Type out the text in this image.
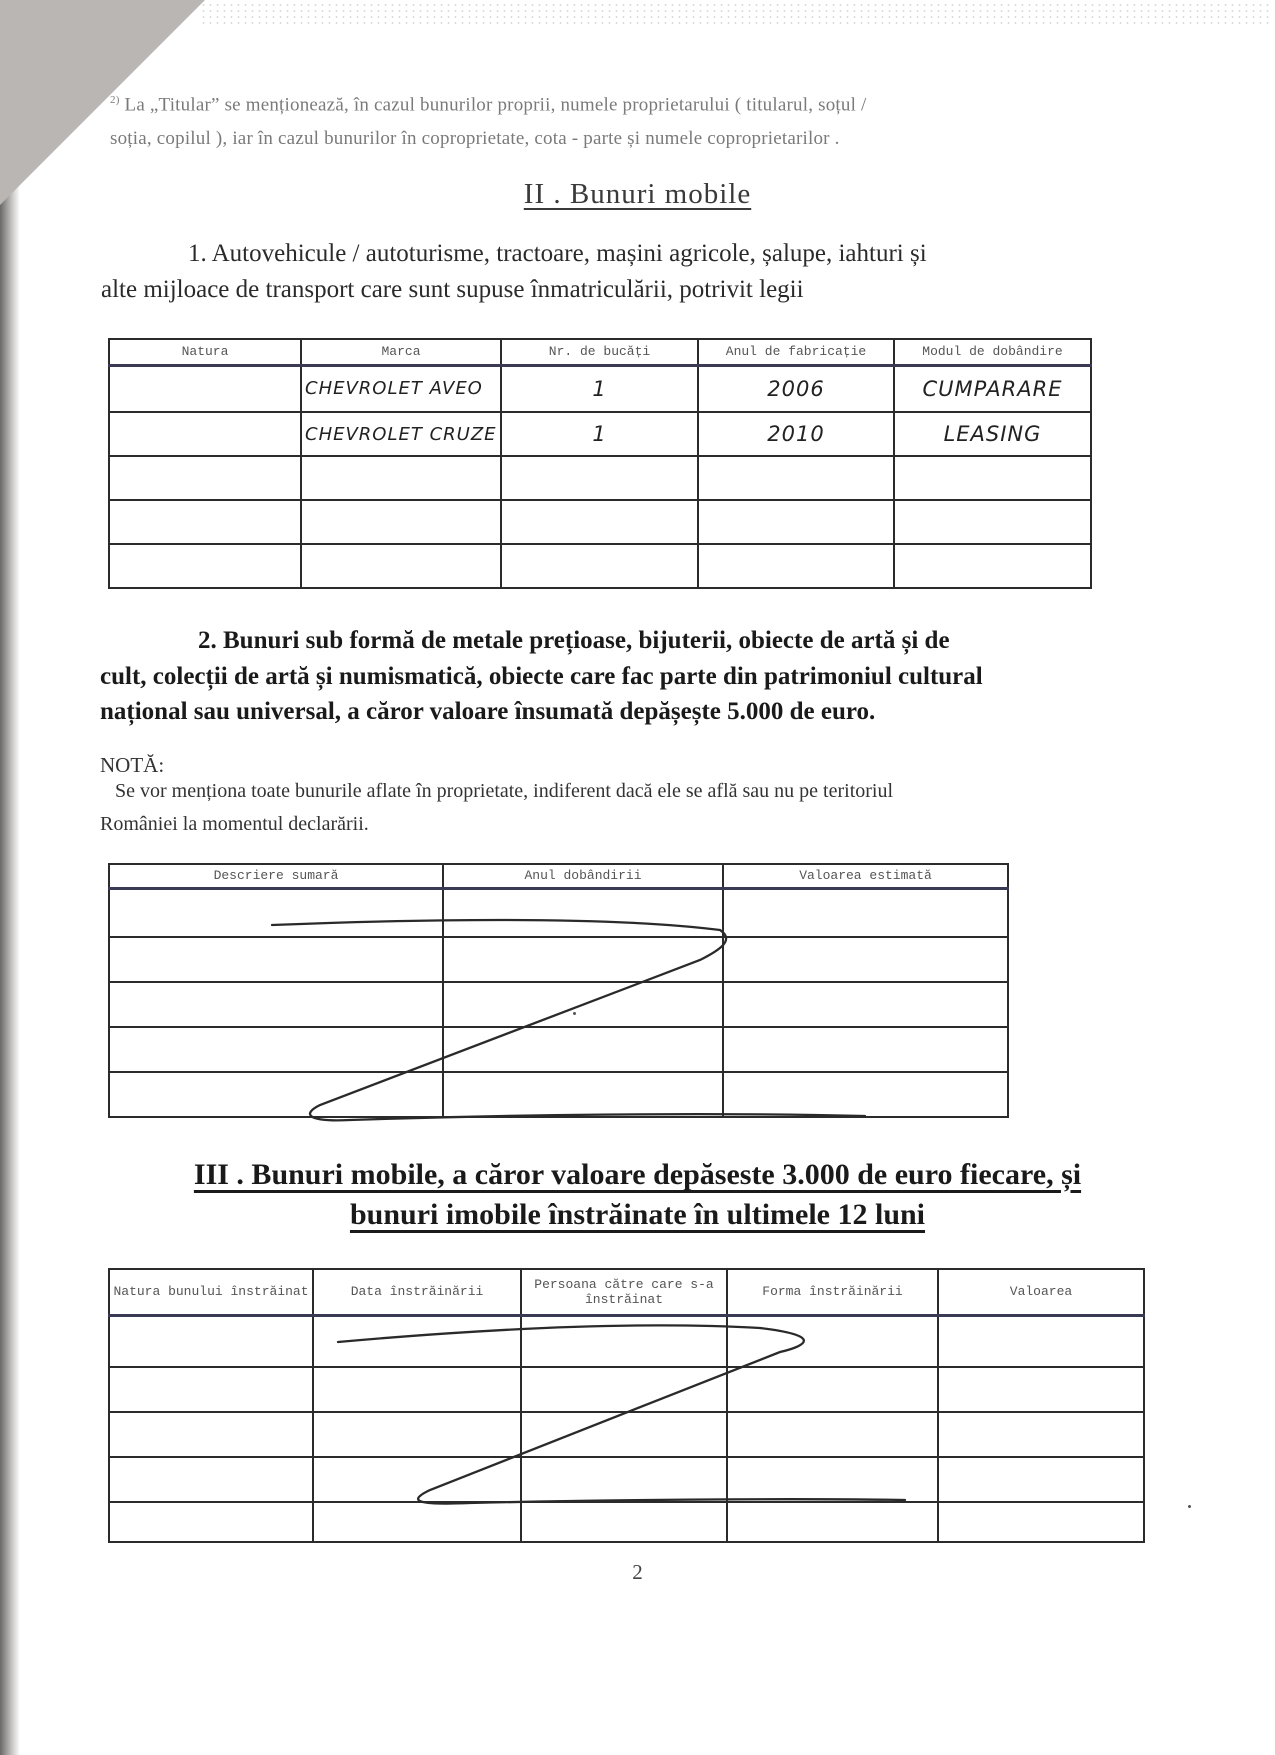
$^{2)}$ La „Titular” se menționează, în cazul bunurilor proprii, numele proprietarului ( titularul, soțul /
soția, copilul ), iar în cazul bunurilor în coproprietate, cota - parte și numele coproprietarilor .
II . Bunuri mobile
1. Autovehicule / autoturisme, tractoare, mașini agricole, șalupe, iahturi și
alte mijloace de transport care sunt supuse înmatriculării, potrivit legii
Natura	Marca	Nr. de bucăți	Anul de fabricație	Modul de dobândire
	CHEVROLET AVEO	1	2006	CUMPARARE
	CHEVROLET CRUZE	1	2010	LEASING

2. Bunuri sub formă de metale prețioase, bijuterii, obiecte de artă și de
cult, colecții de artă și numismatică, obiecte care fac parte din patrimoniul cultural
național sau universal, a căror valoare însumată depășește 5.000 de euro.
NOTĂ:
Se vor menționa toate bunurile aflate în proprietate, indiferent dacă ele se află sau nu pe teritoriul
României la momentul declarării.
Descriere sumară	Anul dobândirii	Valoarea estimată

III . Bunuri mobile, a căror valoare depăseste 3.000 de euro fiecare, și
bunuri imobile înstrăinate în ultimele 12 luni
Natura bunului înstrăinat	Data înstrăinării	Persoana către care s-a înstrăinat	Forma înstrăinării	Valoarea

2
